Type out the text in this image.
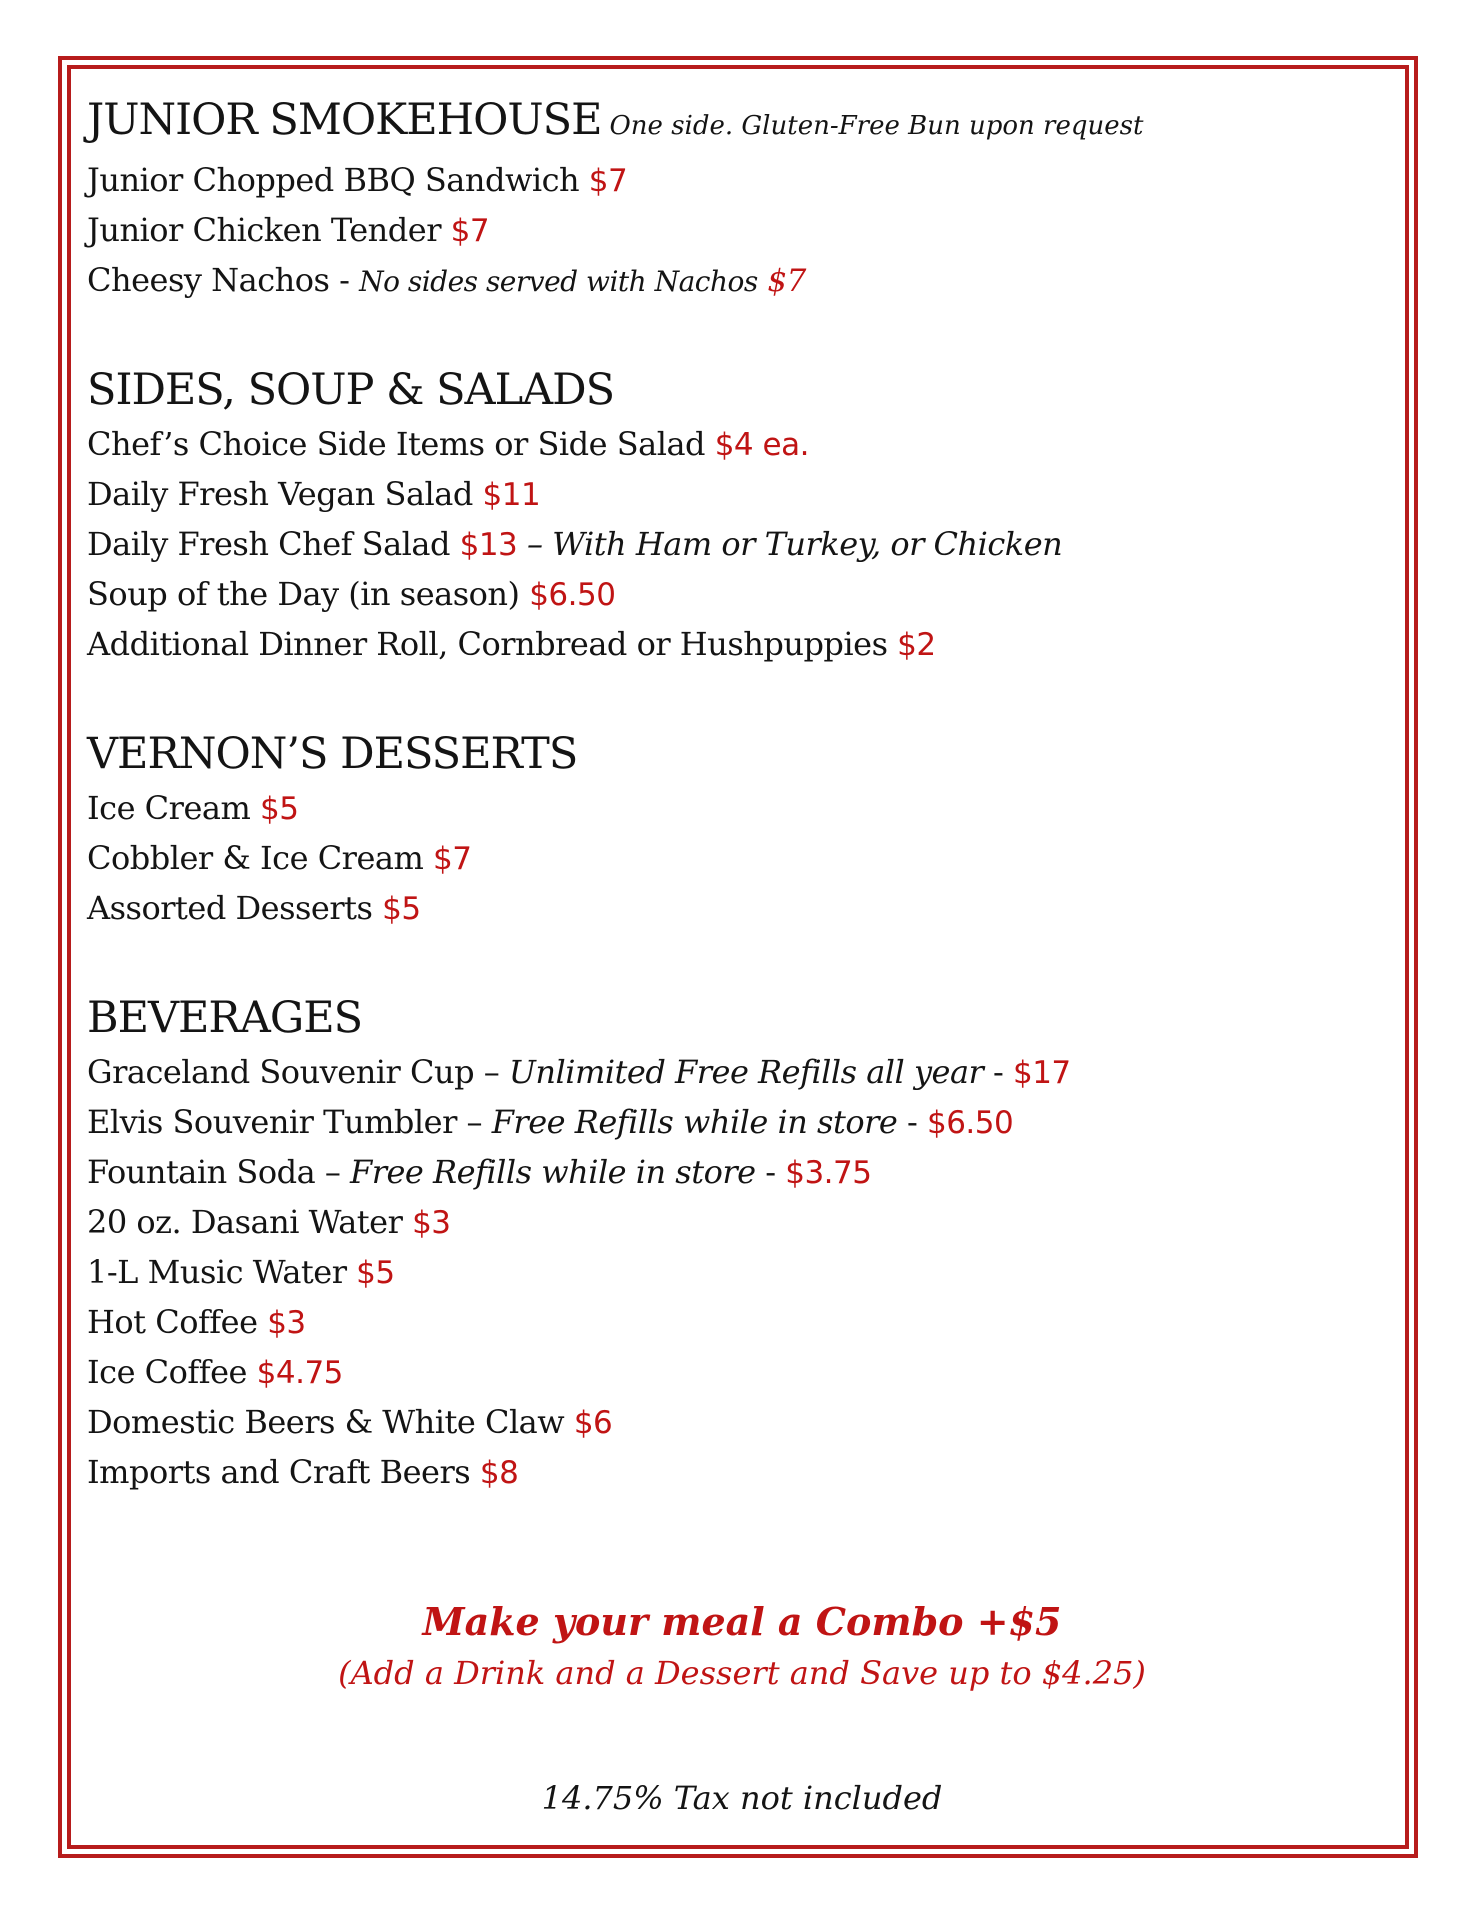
JUNIOR SMOKEHOUSE One side. Gluten-Free Bun upon request
Junior Chopped BBQ Sandwich $7
Junior Chicken Tender $7
Cheesy Nachos - No sides served with Nachos $7
SIDES, SOUP & SALADS
Chef’s Choice Side Items or Side Salad $4 ea.
Daily Fresh Vegan Salad $11
Daily Fresh Chef Salad $13 – With Ham or Turkey, or Chicken
Soup of the Day (in season) $6.50
Additional Dinner Roll, Cornbread or Hushpuppies $2
VERNON’S DESSERTS
Ice Cream $5
Cobbler & Ice Cream $7
Assorted Desserts $5
BEVERAGES
Graceland Souvenir Cup – Unlimited Free Refills all year - $17
Elvis Souvenir Tumbler – Free Refills while in store - $6.50
Fountain Soda – Free Refills while in store - $3.75
20 oz. Dasani Water $3
1-L Music Water $5
Hot Coffee $3
Ice Coffee $4.75
Domestic Beers & White Claw $6
Imports and Craft Beers $8
Make your meal a Combo +$5
(Add a Drink and a Dessert and Save up to $4.25)
14.75% Tax not included
